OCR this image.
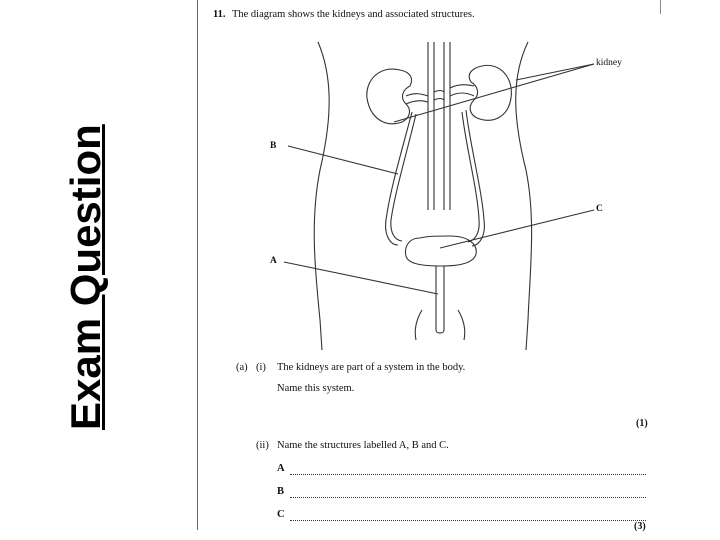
Exam Question
11. The diagram shows the kidneys and associated structures.
kidney
B
C
A
(a) (i) The kidneys are part of a system in the body.
Name this system.
(1)
(ii) Name the structures labelled A, B and C.
A
B
C
(3)
